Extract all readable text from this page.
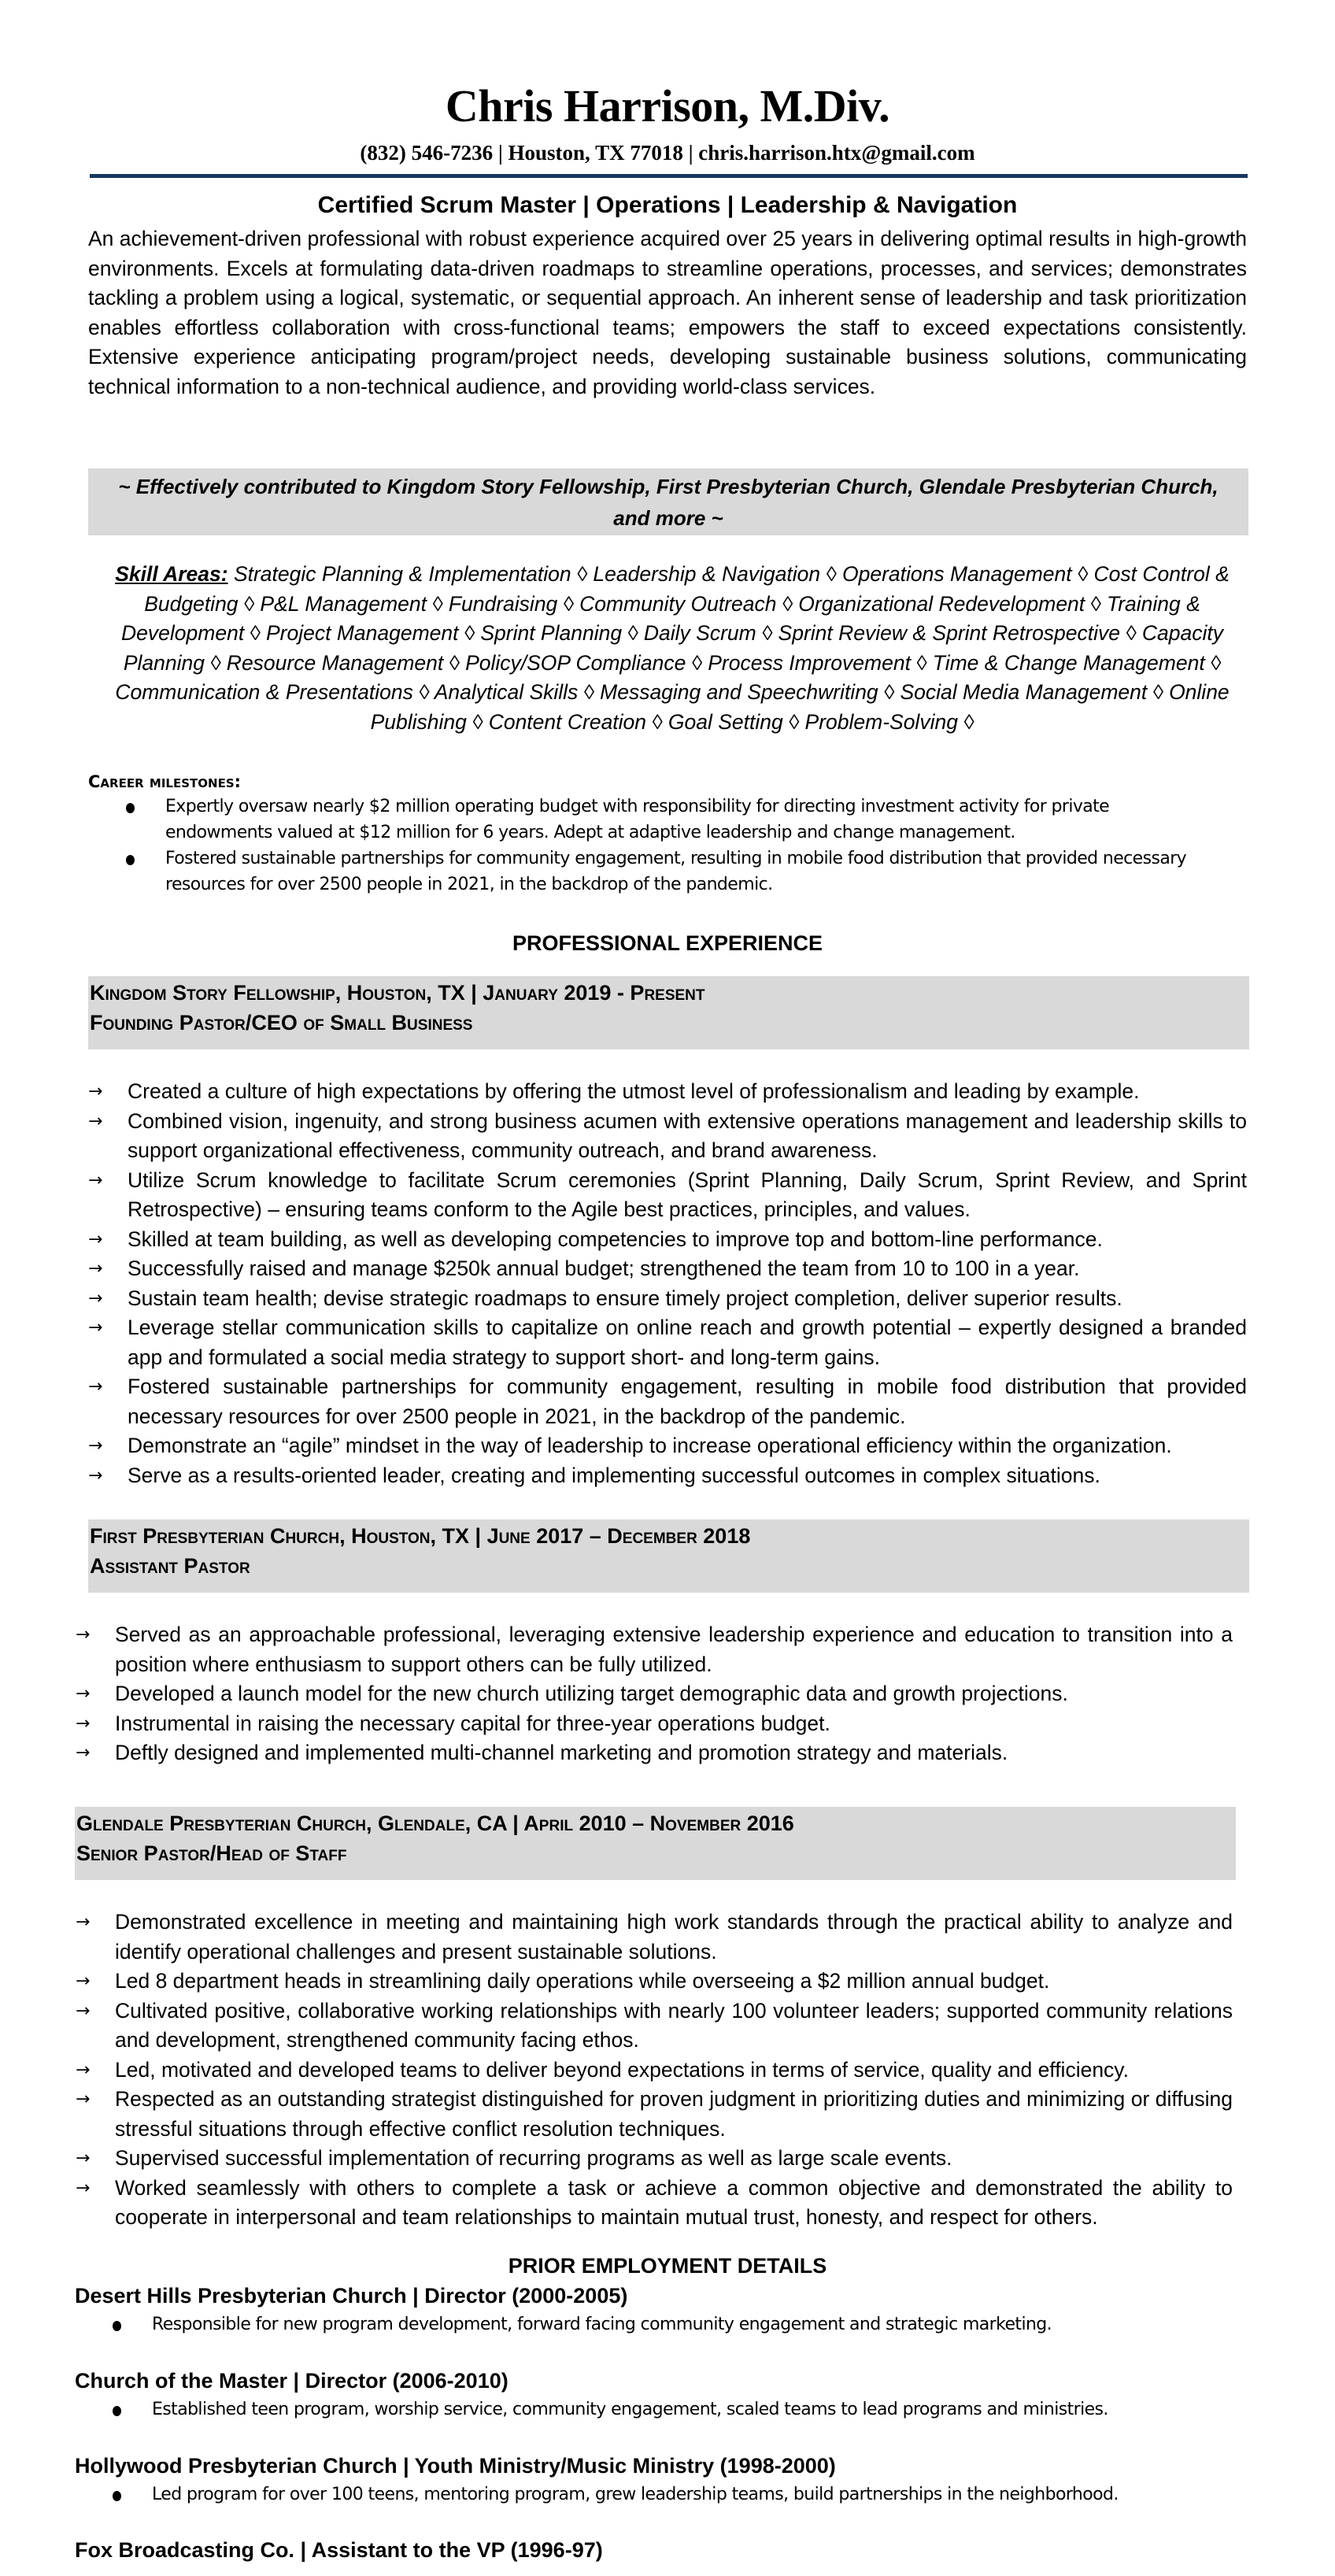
Chris Harrison, M.Div.
(832) 546-7236 | Houston, TX 77018 | chris.harrison.htx@gmail.com
Certified Scrum Master | Operations | Leadership & Navigation

An achievement-driven professional with robust experience acquired over 25 years in delivering optimal results in high-growth environments. Excels at formulating data-driven roadmaps to streamline operations, processes, and services; demonstrates tackling a problem using a logical, systematic, or sequential approach. An inherent sense of leadership and task prioritization enables effortless collaboration with cross-functional teams; empowers the staff to exceed expectations consistently. Extensive experience anticipating program/project needs, developing sustainable business solutions, communicating technical information to a non-technical audience, and providing world-class services.

~ Effectively contributed to Kingdom Story Fellowship, First Presbyterian Church, Glendale Presbyterian Church, and more ~

Skill Areas: Strategic Planning & Implementation ◊ Leadership & Navigation ◊ Operations Management ◊ Cost Control & Budgeting ◊ P&L Management ◊ Fundraising ◊ Community Outreach ◊ Organizational Redevelopment ◊ Training & Development ◊ Project Management ◊ Sprint Planning ◊ Daily Scrum ◊ Sprint Review & Sprint Retrospective ◊ Capacity Planning ◊ Resource Management ◊ Policy/SOP Compliance ◊ Process Improvement ◊ Time & Change Management ◊ Communication & Presentations ◊ Analytical Skills ◊ Messaging and Speechwriting ◊ Social Media Management ◊ Online Publishing ◊ Content Creation ◊ Goal Setting ◊ Problem-Solving ◊

Career milestones:
Expertly oversaw nearly $2 million operating budget with responsibility for directing investment activity for private endowments valued at $12 million for 6 years. Adept at adaptive leadership and change management.
Fostered sustainable partnerships for community engagement, resulting in mobile food distribution that provided necessary resources for over 2500 people in 2021, in the backdrop of the pandemic.
PROFESSIONAL EXPERIENCE
Kingdom Story Fellowship, Houston, TX | January 2019 - Present
Founding Pastor/CEO of Small Business
→ Created a culture of high expectations by offering the utmost level of professionalism and leading by example.
→ Combined vision, ingenuity, and strong business acumen with extensive operations management and leadership skills to support organizational effectiveness, community outreach, and brand awareness.
→ Utilize Scrum knowledge to facilitate Scrum ceremonies (Sprint Planning, Daily Scrum, Sprint Review, and Sprint Retrospective) – ensuring teams conform to the Agile best practices, principles, and values.
→ Skilled at team building, as well as developing competencies to improve top and bottom-line performance.
→ Successfully raised and manage $250k annual budget; strengthened the team from 10 to 100 in a year.
→ Sustain team health; devise strategic roadmaps to ensure timely project completion, deliver superior results.
→ Leverage stellar communication skills to capitalize on online reach and growth potential – expertly designed a branded app and formulated a social media strategy to support short- and long-term gains.
→ Fostered sustainable partnerships for community engagement, resulting in mobile food distribution that provided necessary resources for over 2500 people in 2021, in the backdrop of the pandemic.
→ Demonstrate an “agile” mindset in the way of leadership to increase operational efficiency within the organization.
→ Serve as a results-oriented leader, creating and implementing successful outcomes in complex situations.
First Presbyterian Church, Houston, TX | June 2017 – December 2018
Assistant Pastor
→ Served as an approachable professional, leveraging extensive leadership experience and education to transition into a position where enthusiasm to support others can be fully utilized.
→ Developed a launch model for the new church utilizing target demographic data and growth projections.
→ Instrumental in raising the necessary capital for three-year operations budget.
→ Deftly designed and implemented multi-channel marketing and promotion strategy and materials.
Glendale Presbyterian Church, Glendale, CA | April 2010 – November 2016
Senior Pastor/Head of Staff
→ Demonstrated excellence in meeting and maintaining high work standards through the practical ability to analyze and identify operational challenges and present sustainable solutions.
→ Led 8 department heads in streamlining daily operations while overseeing a $2 million annual budget.
→ Cultivated positive, collaborative working relationships with nearly 100 volunteer leaders; supported community relations and development, strengthened community facing ethos.
→ Led, motivated and developed teams to deliver beyond expectations in terms of service, quality and efficiency.
→ Respected as an outstanding strategist distinguished for proven judgment in prioritizing duties and minimizing or diffusing stressful situations through effective conflict resolution techniques.
→ Supervised successful implementation of recurring programs as well as large scale events.
→ Worked seamlessly with others to complete a task or achieve a common objective and demonstrated the ability to cooperate in interpersonal and team relationships to maintain mutual trust, honesty, and respect for others.
PRIOR EMPLOYMENT DETAILS
Desert Hills Presbyterian Church | Director (2000-2005)
Responsible for new program development, forward facing community engagement and strategic marketing.
Church of the Master | Director (2006-2010)
Established teen program, worship service, community engagement, scaled teams to lead programs and ministries.
Hollywood Presbyterian Church | Youth Ministry/Music Ministry (1998-2000)
Led program for over 100 teens, mentoring program, grew leadership teams, build partnerships in the neighborhood.
Fox Broadcasting Co. | Assistant to the VP (1996-97)
